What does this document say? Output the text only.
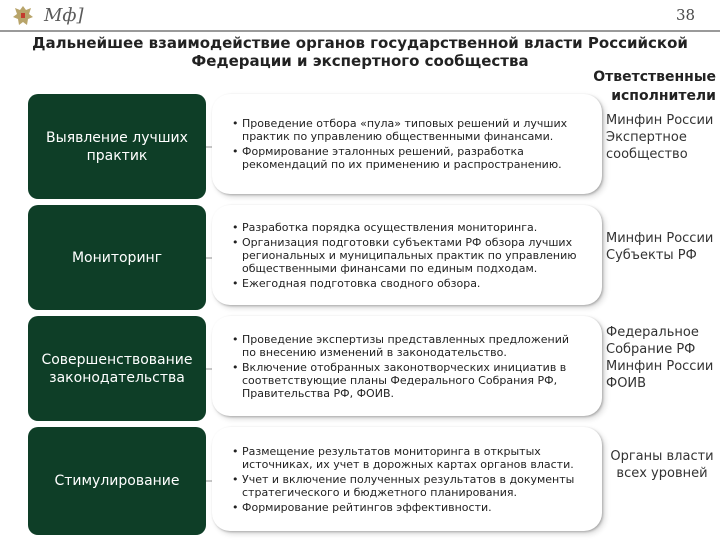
Мф]	38
Дальнейшее взаимодействие органов государственной власти Российской
Федерации и экспертного сообщества
Ответственные исполнители
Выявление лучших практик
• Проведение отбора «пула» типовых решений и лучших практик по управлению общественными финансами.
• Формирование эталонных решений, разработка рекомендаций по их применению и распространению.
Минфин России Экспертное сообщество
Мониторинг
• Разработка порядка осуществления мониторинга.
• Организация подготовки субъектами РФ обзора лучших региональных и муниципальных практик по управлению общественными финансами по единым подходам.
• Ежегодная подготовка сводного обзора.
Минфин России Субъекты РФ
Совершенствование законодательства
• Проведение экспертизы представленных предложений по внесению изменений в законодательство.
• Включение отобранных законотворческих инициатив в соответствующие планы Федерального Собрания РФ, Правительства РФ, ФОИВ.
Федеральное Собрание РФ Минфин России ФОИВ
Стимулирование
• Размещение результатов мониторинга в открытых источниках, их учет в дорожных картах органов власти.
• Учет и включение полученных результатов в документы стратегического и бюджетного планирования.
• Формирование рейтингов эффективности.
Органы власти всех уровней
